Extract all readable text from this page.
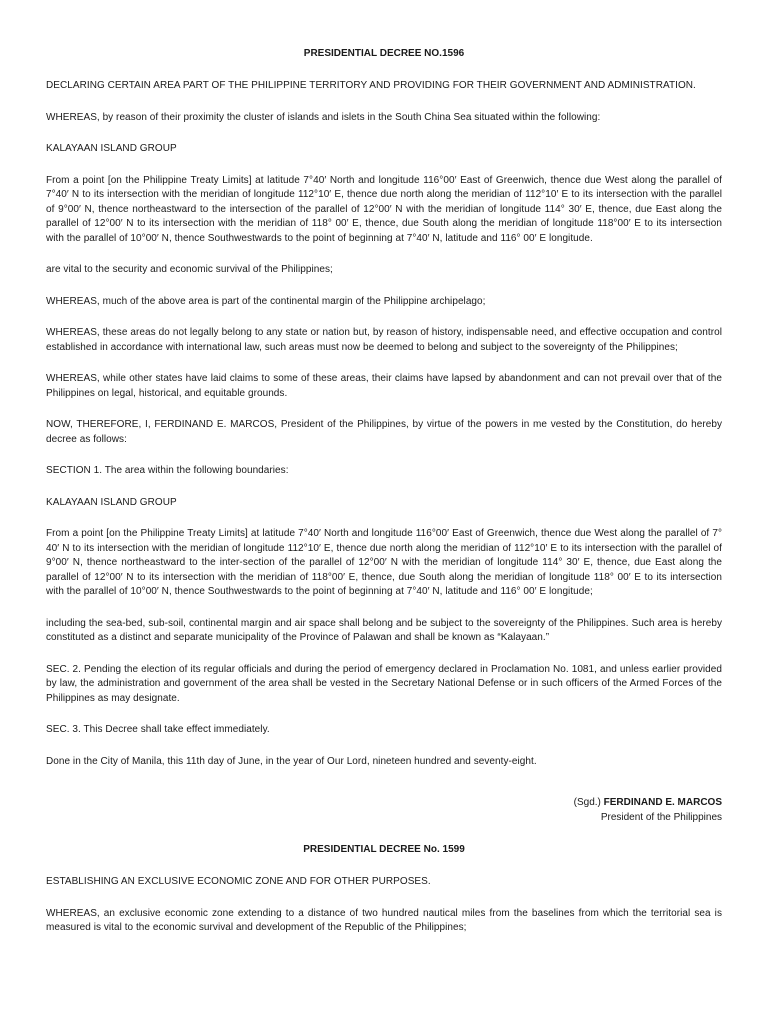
PRESIDENTIAL DECREE NO.1596
DECLARING CERTAIN AREA PART OF THE PHILIPPINE TERRITORY AND PROVIDING FOR THEIR GOVERNMENT AND ADMINISTRATION.
WHEREAS, by reason of their proximity the cluster of islands and islets in the South China Sea situated within the following:
KALAYAAN ISLAND GROUP
From a point [on the Philippine Treaty Limits] at latitude 7°40′ North and longitude 116°00′ East of Greenwich, thence due West along the parallel of 7°40′ N to its intersection with the meridian of longitude 112°10′ E, thence due north along the meridian of 112°10′ E to its intersection with the parallel of 9°00′ N, thence northeastward to the intersection of the parallel of 12°00′ N with the meridian of longitude 114° 30′ E, thence, due East along the parallel of 12°00′ N to its intersection with the meridian of 118° 00′ E, thence, due South along the meridian of longitude 118°00′ E to its intersection with the parallel of 10°00′ N, thence Southwestwards to the point of beginning at 7°40′ N, latitude and 116° 00′ E longitude.
are vital to the security and economic survival of the Philippines;
WHEREAS, much of the above area is part of the continental margin of the Philippine archipelago;
WHEREAS, these areas do not legally belong to any state or nation but, by reason of history, indispensable need, and effective occupation and control established in accordance with international law, such areas must now be deemed to belong and subject to the sovereignty of the Philippines;
WHEREAS, while other states have laid claims to some of these areas, their claims have lapsed by abandonment and can not prevail over that of the Philippines on legal, historical, and equitable grounds.
NOW, THEREFORE, I, FERDINAND E. MARCOS, President of the Philippines, by virtue of the powers in me vested by the Constitution, do hereby decree as follows:
SECTION 1. The area within the following boundaries:
KALAYAAN ISLAND GROUP
From a point [on the Philippine Treaty Limits] at latitude 7°40′ North and longitude 116°00′ East of Greenwich, thence due West along the parallel of 7° 40′ N to its intersection with the meridian of longitude 112°10′ E, thence due north along the meridian of 112°10′ E to its intersection with the parallel of 9°00′ N, thence northeastward to the inter-section of the parallel of 12°00′ N with the meridian of longitude 114° 30′ E, thence, due East along the parallel of 12°00′ N to its intersection with the meridian of 118°00′ E, thence, due South along the meridian of longitude 118° 00′ E to its intersection with the parallel of 10°00′ N, thence Southwestwards to the point of beginning at 7°40′ N, latitude and 116° 00′ E longitude;
including the sea-bed, sub-soil, continental margin and air space shall belong and be subject to the sovereignty of the Philippines. Such area is hereby constituted as a distinct and separate municipality of the Province of Palawan and shall be known as “Kalayaan.”
SEC. 2. Pending the election of its regular officials and during the period of emergency declared in Proclamation No. 1081, and unless earlier provided by law, the administration and government of the area shall be vested in the Secretary National Defense or in such officers of the Armed Forces of the Philippines as may designate.
SEC. 3. This Decree shall take effect immediately.
Done in the City of Manila, this 11th day of June, in the year of Our Lord, nineteen hundred and seventy-eight.
(Sgd.) FERDINAND E. MARCOS
President of the Philippines
PRESIDENTIAL DECREE No. 1599
ESTABLISHING AN EXCLUSIVE ECONOMIC ZONE AND FOR OTHER PURPOSES.
WHEREAS, an exclusive economic zone extending to a distance of two hundred nautical miles from the baselines from which the territorial sea is measured is vital to the economic survival and development of the Republic of the Philippines;
